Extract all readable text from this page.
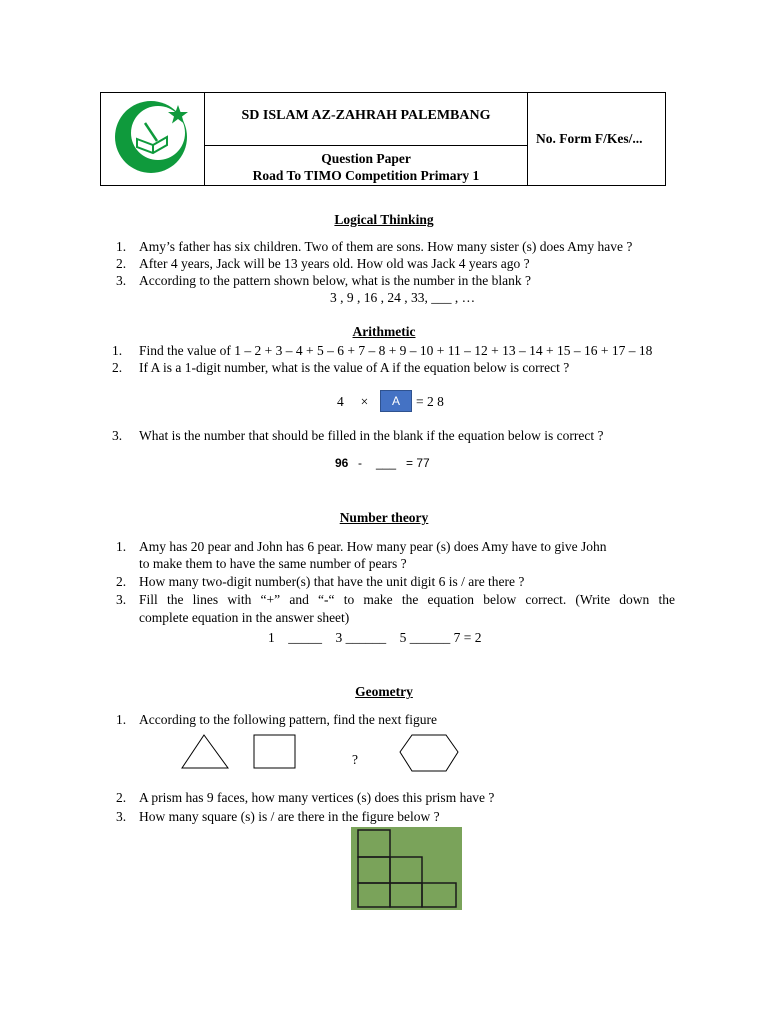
SD ISLAM AZ-ZAHRAH PALEMBANG
Question Paper
Road To TIMO Competition Primary 1
No. Form F/Kes/...
Logical Thinking
1. Amy’s father has six children. Two of them are sons. How many sister (s) does Amy have ?
2. After 4 years, Jack will be 13 years old. How old was Jack 4 years ago ?
3. According to the pattern shown below, what is the number in the blank ?
3 , 9 , 16 , 24 , 33, ___ , …
Arithmetic
1. Find the value of 1 – 2 + 3 – 4 + 5 – 6 + 7 – 8 + 9 – 10 + 11 – 12 + 13 – 14 + 15 – 16 + 17 – 18
2. If A is a 1-digit number, what is the value of A if the equation below is correct ?
4     ×	A	= 2 8
3. What is the number that should be filled in the blank if the equation below is correct ?
96 - ___ = 77
Number theory
1. Amy has 20 pear and John has 6 pear. How many pear (s) does Amy have to give John
to make them to have the same number of pears ?
2. How many two-digit number(s) that have the unit digit 6 is / are there ?
3. Fill the lines with “+” and “-“ to make the equation below correct. (Write down the
complete equation in the answer sheet)
1    _____    3 ______    5 ______ 7 = 2
Geometry
1. According to the following pattern, find the next figure
?
2. A prism has 9 faces, how many vertices (s) does this prism have ?
3. How many square (s) is / are there in the figure below ?
